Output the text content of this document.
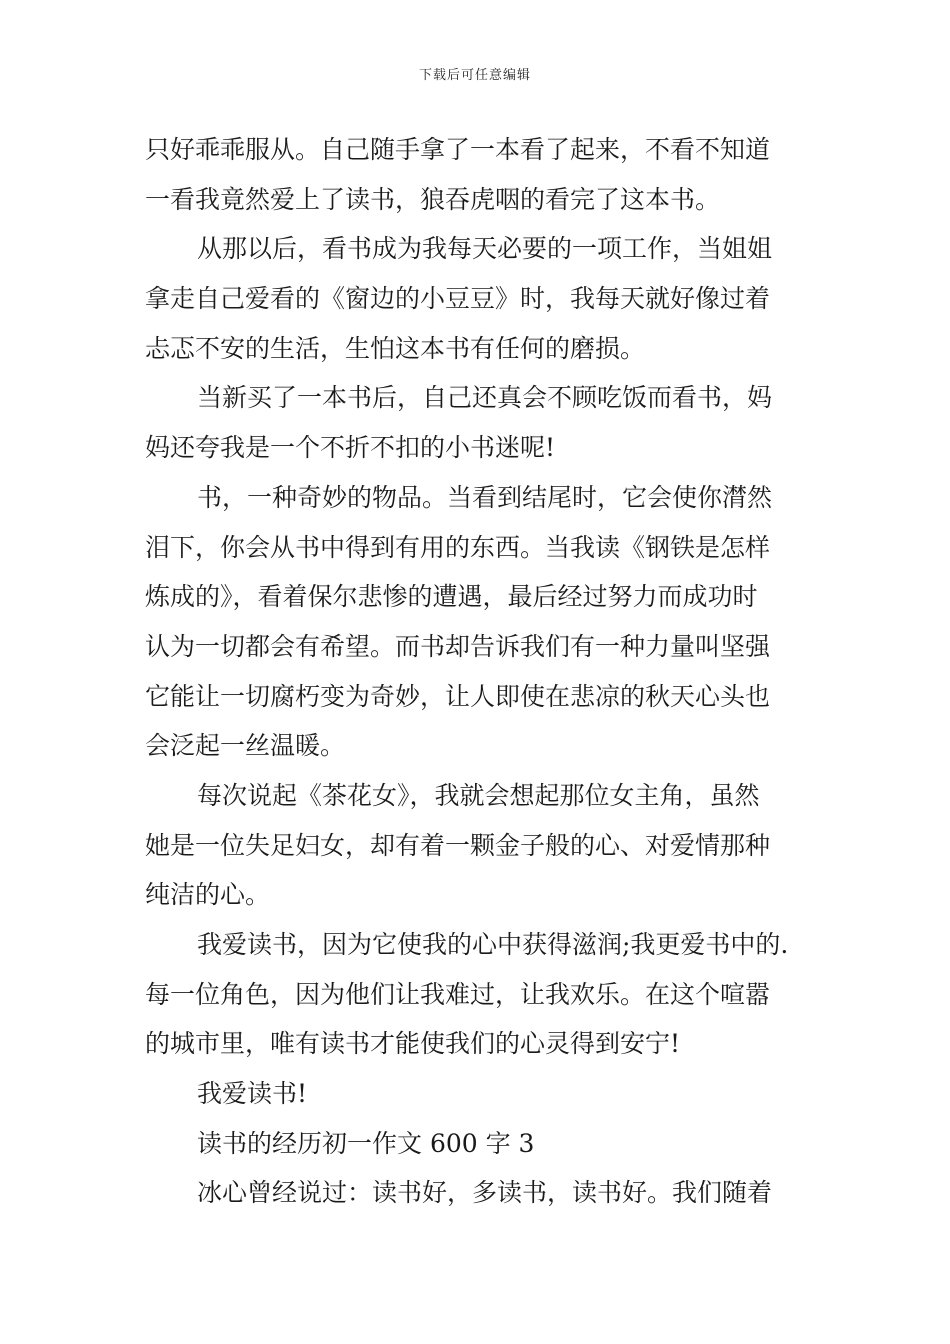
下载后可任意编辑
只好乖乖服从。自己随手拿了一本看了起来，不看不知道
一看我竟然爱上了读书，狼吞虎咽的看完了这本书。
从那以后，看书成为我每天必要的一项工作，当姐姐
拿走自己爱看的《窗边的小豆豆》时，我每天就好像过着
忐忑不安的生活，生怕这本书有任何的磨损。
当新买了一本书后，自己还真会不顾吃饭而看书，妈
妈还夸我是一个不折不扣的小书迷呢!
书，一种奇妙的物品。当看到结尾时，它会使你潸然
泪下，你会从书中得到有用的东西。当我读《钢铁是怎样
炼成的》，看着保尔悲惨的遭遇，最后经过努力而成功时
认为一切都会有希望。而书却告诉我们有一种力量叫坚强
它能让一切腐朽变为奇妙，让人即使在悲凉的秋天心头也
会泛起一丝温暖。
每次说起《茶花女》，我就会想起那位女主角，虽然
她是一位失足妇女，却有着一颗金子般的心、对爱情那种
纯洁的心。
我爱读书，因为它使我的心中获得滋润;我更爱书中的.
每一位角色，因为他们让我难过，让我欢乐。在这个喧嚣
的城市里，唯有读书才能使我们的心灵得到安宁!
我爱读书!
读书的经历初一作文 600 字 3
冰心曾经说过：读书好，多读书，读书好。我们随着
